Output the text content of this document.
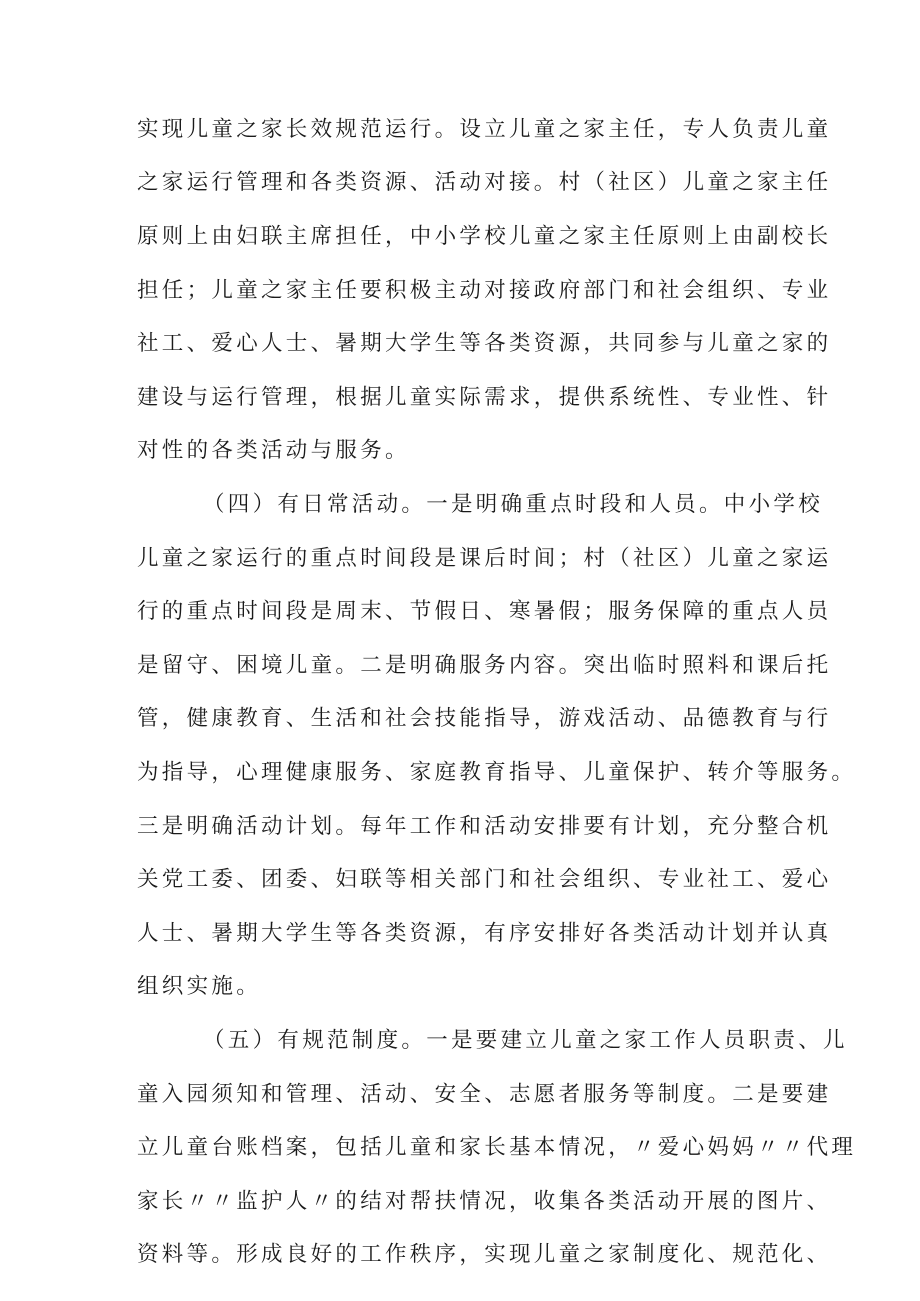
实现儿童之家长效规范运行。设立儿童之家主任，专人负责儿童
之家运行管理和各类资源、活动对接。村（社区）儿童之家主任
原则上由妇联主席担任，中小学校儿童之家主任原则上由副校长
担任；儿童之家主任要积极主动对接政府部门和社会组织、专业
社工、爱心人士、暑期大学生等各类资源，共同参与儿童之家的
建设与运行管理，根据儿童实际需求，提供系统性、专业性、针
对性的各类活动与服务。
（四）有日常活动。一是明确重点时段和人员。中小学校
儿童之家运行的重点时间段是课后时间；村（社区）儿童之家运
行的重点时间段是周末、节假日、寒暑假；服务保障的重点人员
是留守、困境儿童。二是明确服务内容。突出临时照料和课后托
管，健康教育、生活和社会技能指导，游戏活动、品德教育与行
为指导，心理健康服务、家庭教育指导、儿童保护、转介等服务。
三是明确活动计划。每年工作和活动安排要有计划，充分整合机
关党工委、团委、妇联等相关部门和社会组织、专业社工、爱心
人士、暑期大学生等各类资源，有序安排好各类活动计划并认真
组织实施。
（五）有规范制度。一是要建立儿童之家工作人员职责、儿
童入园须知和管理、活动、安全、志愿者服务等制度。二是要建
立儿童台账档案，包括儿童和家长基本情况，〃爱心妈妈〃〃代理
家长〃〃监护人〃的结对帮扶情况，收集各类活动开展的图片、
资料等。形成良好的工作秩序，实现儿童之家制度化、规范化、
